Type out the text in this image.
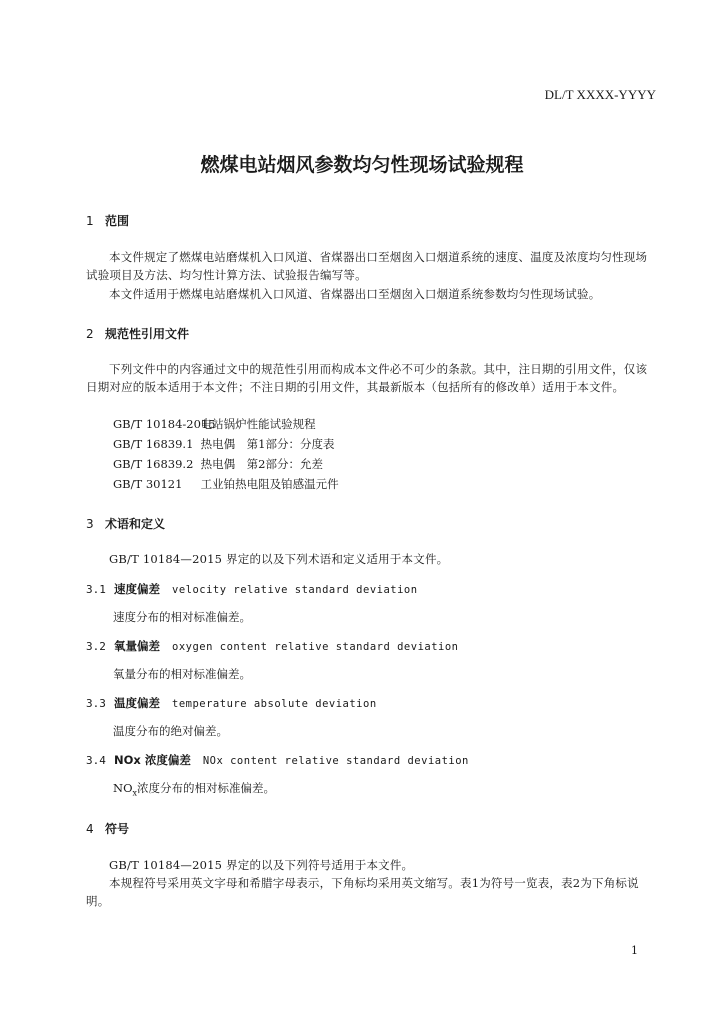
DL/T XXXX-YYYY
燃煤电站烟风参数均匀性现场试验规程
1 范围
本文件规定了燃煤电站磨煤机入口风道、省煤器出口至烟囱入口烟道系统的速度、温度及浓度均匀性现场试验项目及方法、均匀性计算方法、试验报告编写等。
本文件适用于燃煤电站磨煤机入口风道、省煤器出口至烟囱入口烟道系统参数均匀性现场试验。
2 规范性引用文件
下列文件中的内容通过文中的规范性引用而构成本文件必不可少的条款。其中，注日期的引用文件，仅该日期对应的版本适用于本文件；不注日期的引用文件，其最新版本（包括所有的修改单）适用于本文件。
GB/T 10184-2015 电站锅炉性能试验规程
GB/T 16839.1 热电偶　第1部分：分度表
GB/T 16839.2 热电偶　第2部分：允差
GB/T 30121 工业铂热电阻及铂感温元件
3 术语和定义
GB/T 10184—2015 界定的以及下列术语和定义适用于本文件。
3.1 速度偏差 velocity relative standard deviation
速度分布的相对标准偏差。
3.2 氧量偏差 oxygen content relative standard deviation
氧量分布的相对标准偏差。
3.3 温度偏差 temperature absolute deviation
温度分布的绝对偏差。
3.4 NOx 浓度偏差 NOx content relative standard deviation
$NO_x$浓度分布的相对标准偏差。
4 符号
GB/T 10184—2015 界定的以及下列符号适用于本文件。
本规程符号采用英文字母和希腊字母表示，下角标均采用英文缩写。表1为符号一览表，表2为下角标说明。
1
